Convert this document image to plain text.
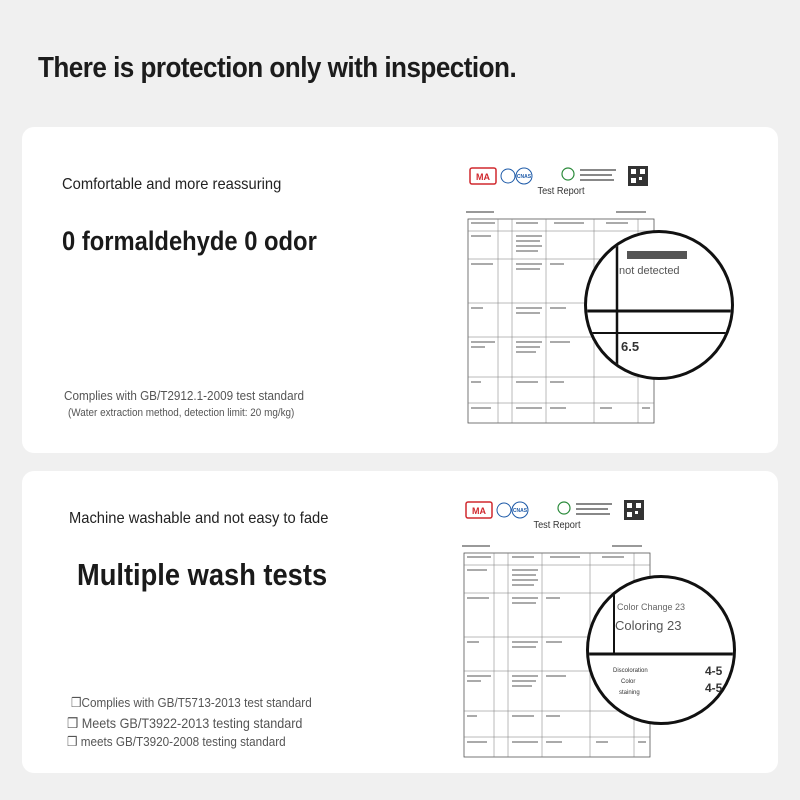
There is protection only with inspection.
Comfortable and more reassuring
0 formaldehyde 0 odor
Complies with GB/T2912.1-2009 test standard
(Water extraction method, detection limit: 20 mg/kg)
MA	CNAS
Test Report
not detected
6.5
Machine washable and not easy to fade
Multiple wash tests
❒Complies with GB/T5713-2013 test standard
❒ Meets GB/T3922-2013 testing standard
❒ meets GB/T3920-2008 testing standard
MA	CNAS
Test Report
Color Change 23
Coloring 23
Discoloration
Color
staining
4-5
4-5
